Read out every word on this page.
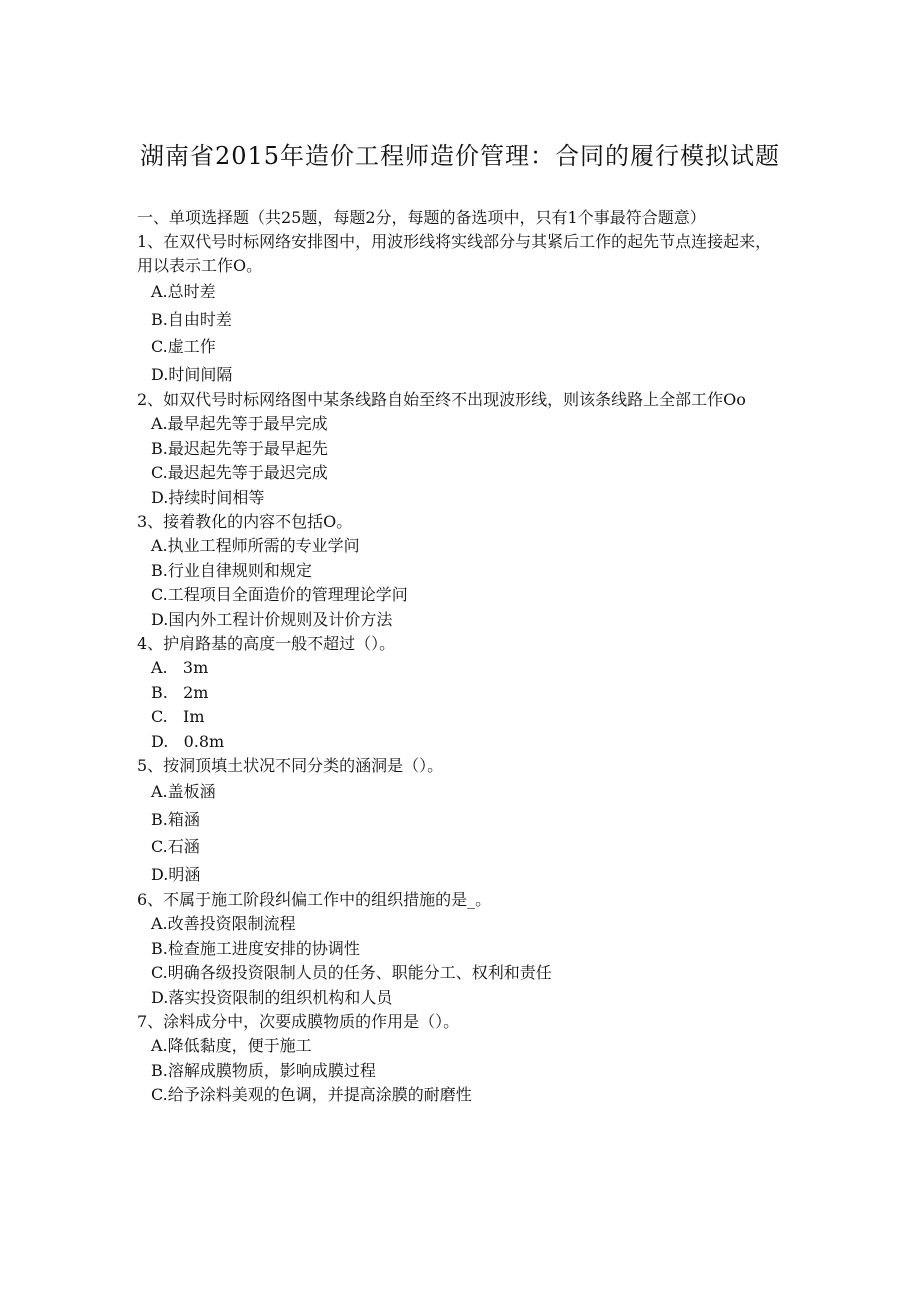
湖南省2015年造价工程师造价管理：合同的履行模拟试题

一、单项选择题（共25题，每题2分，每题的备选项中，只有1个事最符合题意）

1、在双代号时标网络安排图中，用波形线将实线部分与其紧后工作的起先节点连接起来，用以表示工作O。

A.总时差

B.自由时差

C.虚工作

D.时间间隔

2、如双代号时标网络图中某条线路自始至终不出现波形线，则该条线路上全部工作Oo

A.最早起先等于最早完成

B.最迟起先等于最早起先

C.最迟起先等于最迟完成

D.持续时间相等

3、接着教化的内容不包括O。

A.执业工程师所需的专业学问

B.行业自律规则和规定

C.工程项目全面造价的管理理论学问

D.国内外工程计价规则及计价方法

4、护肩路基的高度一般不超过（）。

A.   3m

B.   2m

C.   Im

D.   0.8m

5、按洞顶填土状况不同分类的涵洞是（）。

A.盖板涵

B.箱涵

C.石涵

D.明涵

6、不属于施工阶段纠偏工作中的组织措施的是_。

A.改善投资限制流程

B.检查施工进度安排的协调性

C.明确各级投资限制人员的任务、职能分工、权利和责任

D.落实投资限制的组织机构和人员

7、涂料成分中，次要成膜物质的作用是（）。

A.降低黏度，便于施工

B.溶解成膜物质，影响成膜过程

C.给予涂料美观的色调，并提高涂膜的耐磨性
